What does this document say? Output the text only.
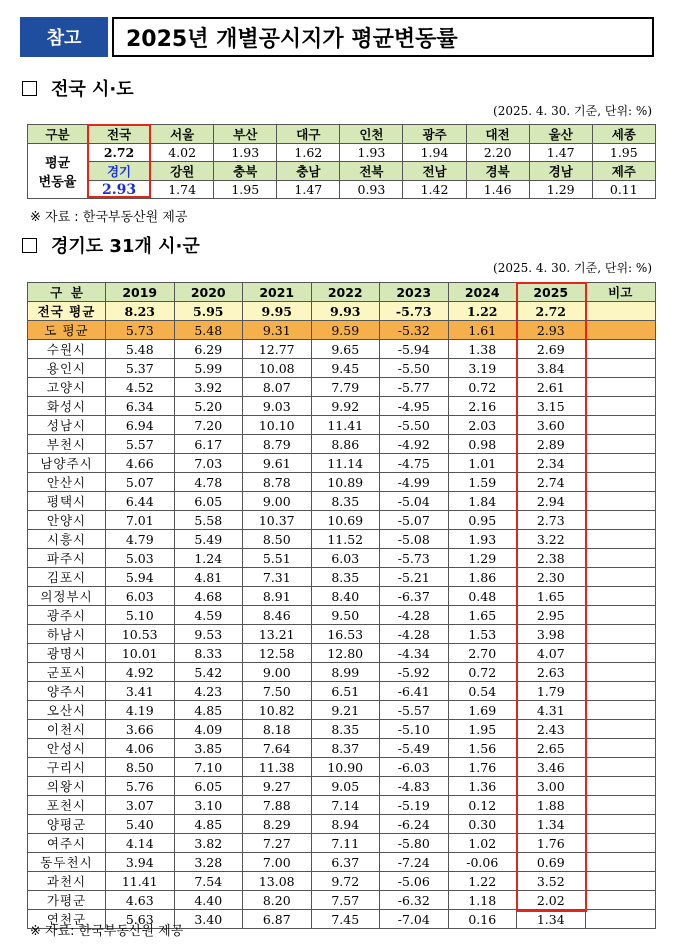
참고	2025년 개별공시지가 평균변동률
전국 시·도
(2025. 4. 30. 기준, 단위: %)
구분	전국	서울	부산	대구	인천	광주	대전	울산	세종
평균
변동율	2.72	4.02	1.93	1.62	1.93	1.94	2.20	1.47	1.95
	경기	강원	충북	충남	전북	전남	경북	경남	제주
	2.93	1.74	1.95	1.47	0.93	1.42	1.46	1.29	0.11
※ 자료 : 한국부동산원 제공
경기도 31개 시·군
(2025. 4. 30. 기준, 단위: %)
구  분	2019	2020	2021	2022	2023	2024	2025	비고
전국 평균	8.23	5.95	9.95	9.93	-5.73	1.22	2.72	
도 평균	5.73	5.48	9.31	9.59	-5.32	1.61	2.93	
수원시	5.48	6.29	12.77	9.65	-5.94	1.38	2.69	
용인시	5.37	5.99	10.08	9.45	-5.50	3.19	3.84	
고양시	4.52	3.92	8.07	7.79	-5.77	0.72	2.61	
화성시	6.34	5.20	9.03	9.92	-4.95	2.16	3.15	
성남시	6.94	7.20	10.10	11.41	-5.50	2.03	3.60	
부천시	5.57	6.17	8.79	8.86	-4.92	0.98	2.89	
남양주시	4.66	7.03	9.61	11.14	-4.75	1.01	2.34	
안산시	5.07	4.78	8.78	10.89	-4.99	1.59	2.74	
평택시	6.44	6.05	9.00	8.35	-5.04	1.84	2.94	
안양시	7.01	5.58	10.37	10.69	-5.07	0.95	2.73	
시흥시	4.79	5.49	8.50	11.52	-5.08	1.93	3.22	
파주시	5.03	1.24	5.51	6.03	-5.73	1.29	2.38	
김포시	5.94	4.81	7.31	8.35	-5.21	1.86	2.30	
의정부시	6.03	4.68	8.91	8.40	-6.37	0.48	1.65	
광주시	5.10	4.59	8.46	9.50	-4.28	1.65	2.95	
하남시	10.53	9.53	13.21	16.53	-4.28	1.53	3.98	
광명시	10.01	8.33	12.58	12.80	-4.34	2.70	4.07	
군포시	4.92	5.42	9.00	8.99	-5.92	0.72	2.63	
양주시	3.41	4.23	7.50	6.51	-6.41	0.54	1.79	
오산시	4.19	4.85	10.82	9.21	-5.57	1.69	4.31	
이천시	3.66	4.09	8.18	8.35	-5.10	1.95	2.43	
안성시	4.06	3.85	7.64	8.37	-5.49	1.56	2.65	
구리시	8.50	7.10	11.38	10.90	-6.03	1.76	3.46	
의왕시	5.76	6.05	9.27	9.05	-4.83	1.36	3.00	
포천시	3.07	3.10	7.88	7.14	-5.19	0.12	1.88	
양평군	5.40	4.85	8.29	8.94	-6.24	0.30	1.34	
여주시	4.14	3.82	7.27	7.11	-5.80	1.02	1.76	
동두천시	3.94	3.28	7.00	6.37	-7.24	-0.06	0.69	
과천시	11.41	7.54	13.08	9.72	-5.06	1.22	3.52	
가평군	4.63	4.40	8.20	7.57	-6.32	1.18	2.02	
연천군	5.63	3.40	6.87	7.45	-7.04	0.16	1.34	
※ 자료: 한국부동산원 제공
